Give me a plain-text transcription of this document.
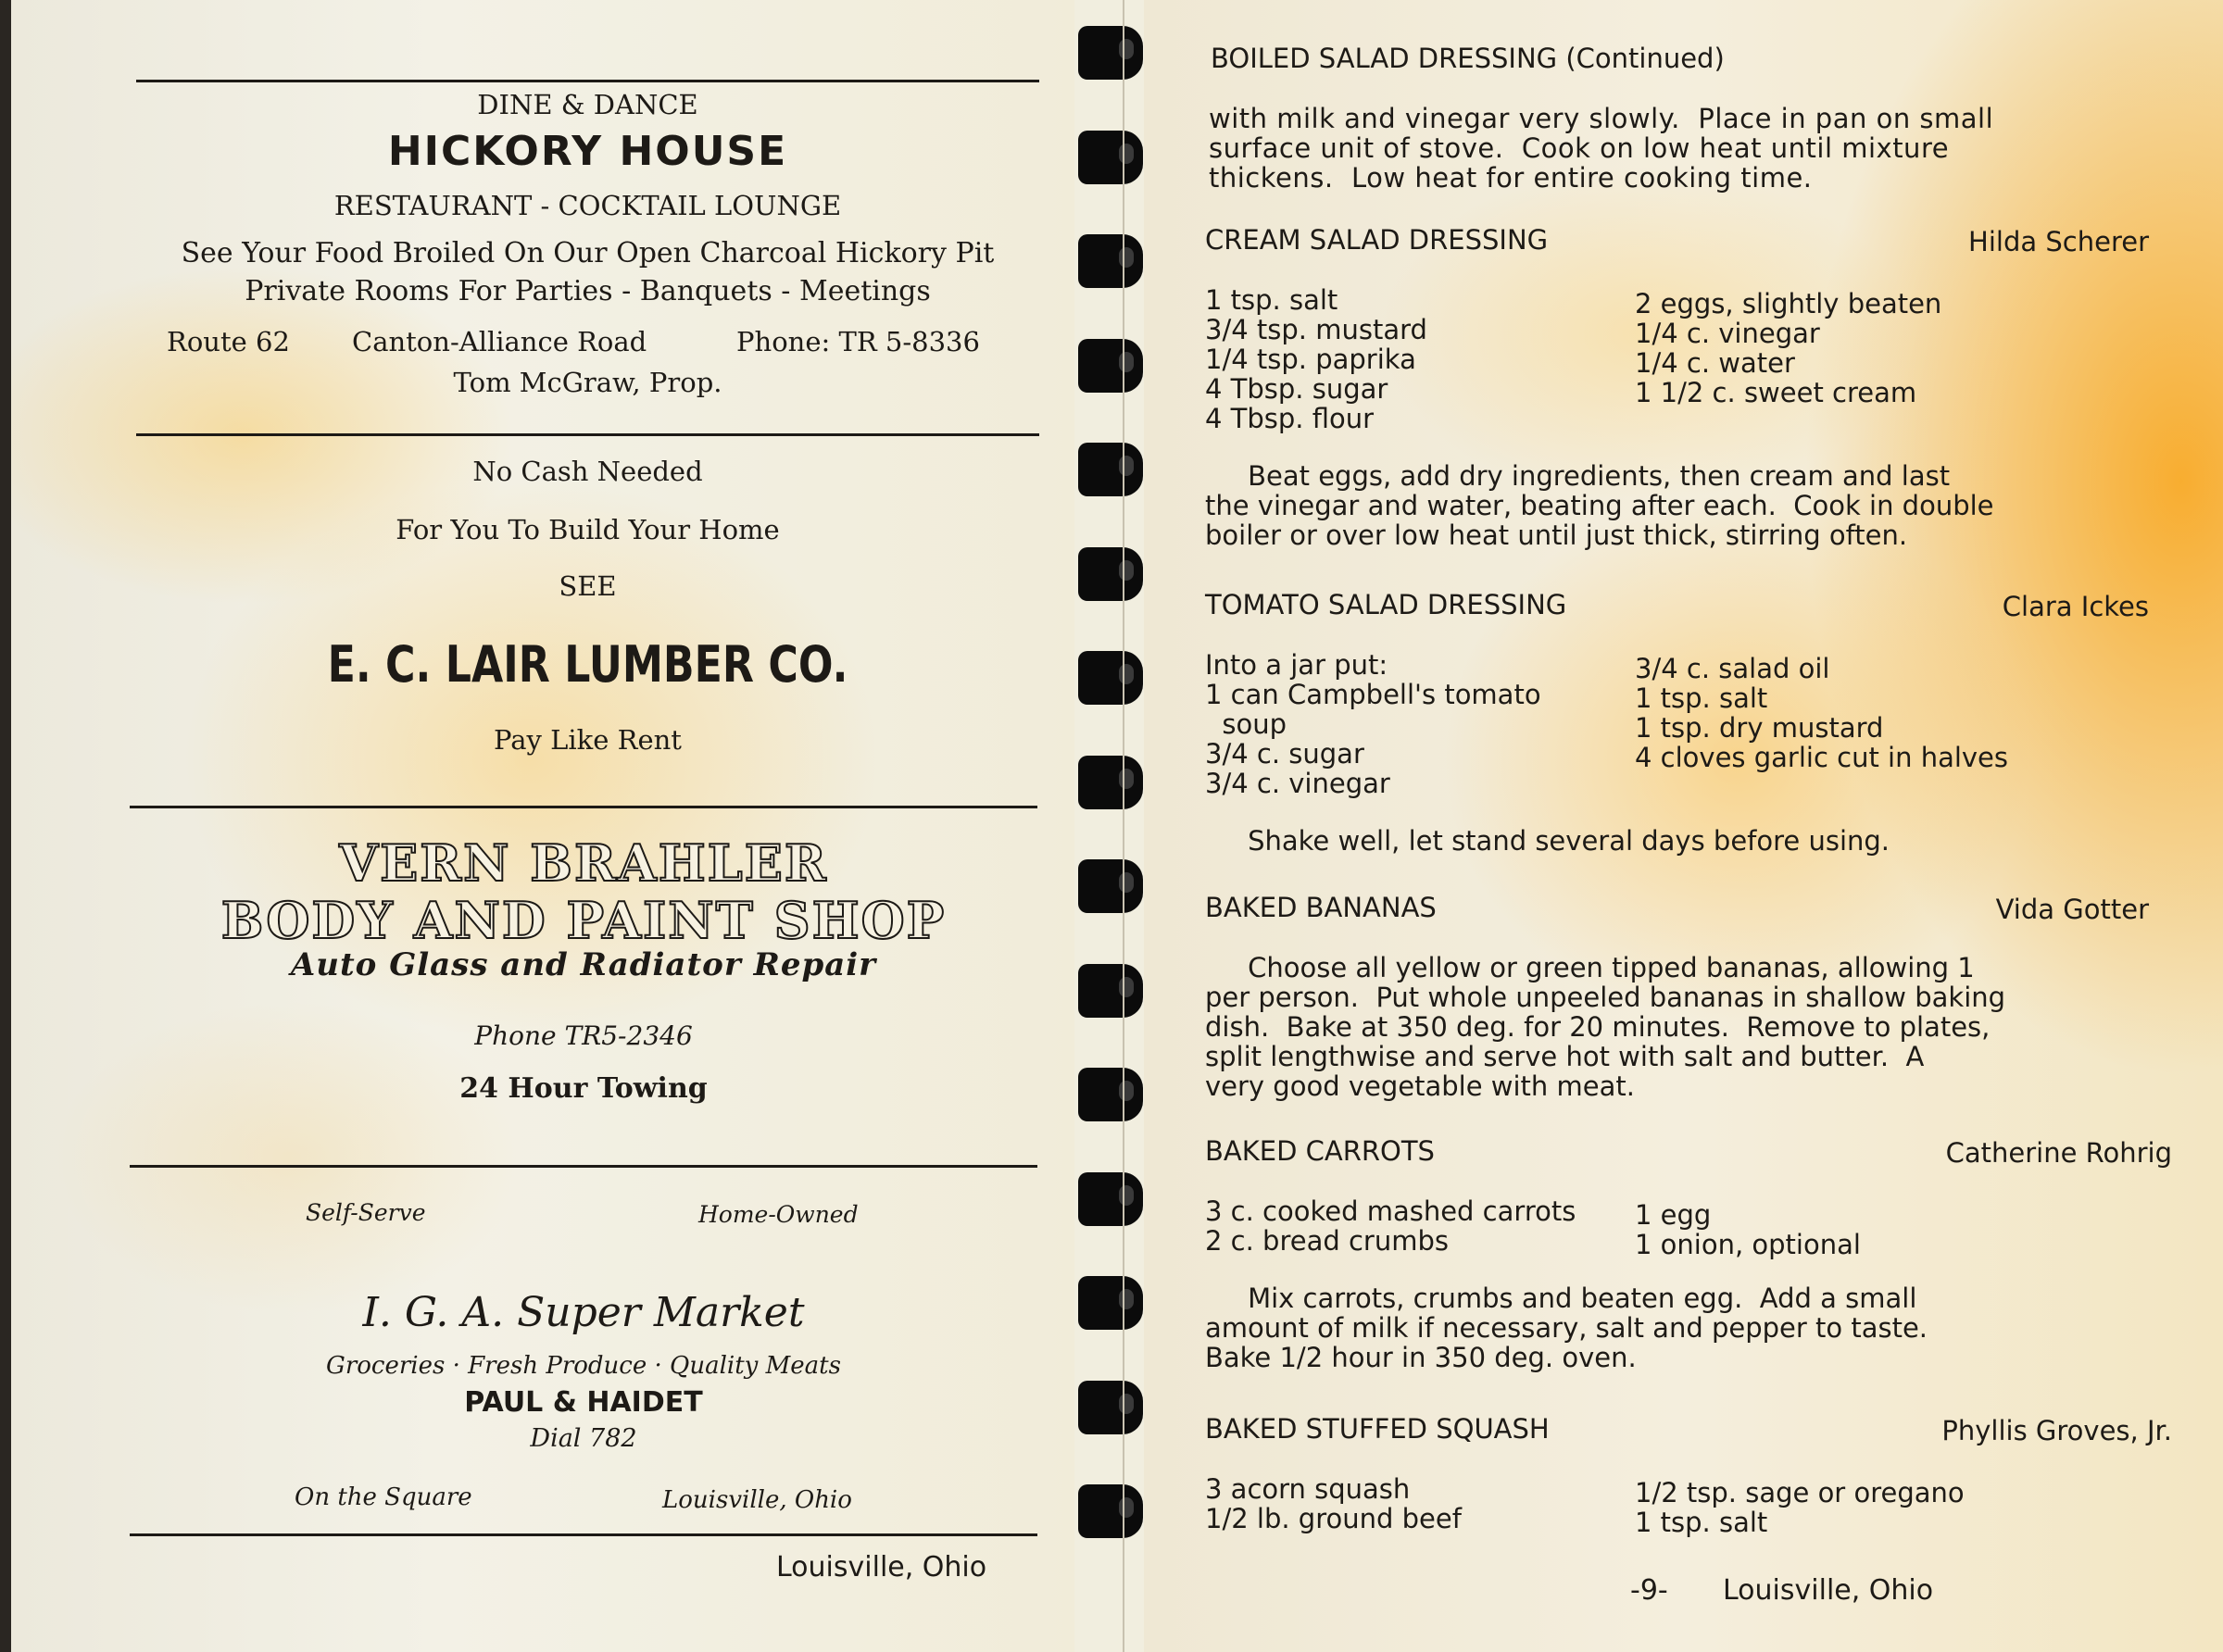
DINE & DANCE
HICKORY HOUSE
RESTAURANT - COCKTAIL LOUNGE
See Your Food Broiled On Our Open Charcoal Hickory Pit
Private Rooms For Parties - Banquets - Meetings
Route 62 Canton-Alliance Road	Phone: TR 5-8336
Tom McGraw, Prop.
No Cash Needed
For You To Build Your Home
SEE
E. C. LAIR LUMBER CO.
Pay Like Rent
VERN BRAHLER
BODY AND PAINT SHOP
Auto Glass and Radiator Repair
Phone TR5-2346
24 Hour Towing
Self-Serve	Home-Owned
I. G. A. Super Market
Groceries · Fresh Produce · Quality Meats
PAUL & HAIDET
Dial 782
On the Square	Louisville, Ohio
Louisville, Ohio
BOILED SALAD DRESSING (Continued)
with milk and vinegar very slowly.  Place in pan on small
surface unit of stove.  Cook on low heat until mixture
thickens.  Low heat for entire cooking time.
CREAM SALAD DRESSING	Hilda Scherer
1 tsp. salt
3/4 tsp. mustard
1/4 tsp. paprika
4 Tbsp. sugar
4 Tbsp. flour
2 eggs, slightly beaten
1/4 c. vinegar
1/4 c. water
1 1/2 c. sweet cream
Beat eggs, add dry ingredients, then cream and last
the vinegar and water, beating after each.  Cook in double
boiler or over low heat until just thick, stirring often.
TOMATO SALAD DRESSING	Clara Ickes
Into a jar put:
1 can Campbell's tomato
soup
3/4 c. sugar
3/4 c. vinegar
3/4 c. salad oil
1 tsp. salt
1 tsp. dry mustard
4 cloves garlic cut in halves
Shake well, let stand several days before using.
BAKED BANANAS	Vida Gotter
Choose all yellow or green tipped bananas, allowing 1
per person.  Put whole unpeeled bananas in shallow baking
dish.  Bake at 350 deg. for 20 minutes.  Remove to plates,
split lengthwise and serve hot with salt and butter.  A
very good vegetable with meat.
BAKED CARROTS	Catherine Rohrig
3 c. cooked mashed carrots
2 c. bread crumbs
1 egg
1 onion, optional
Mix carrots, crumbs and beaten egg.  Add a small
amount of milk if necessary, salt and pepper to taste.
Bake 1/2 hour in 350 deg. oven.
BAKED STUFFED SQUASH	Phyllis Groves, Jr.
3 acorn squash
1/2 lb. ground beef
1/2 tsp. sage or oregano
1 tsp. salt
-9- Louisville, Ohio
